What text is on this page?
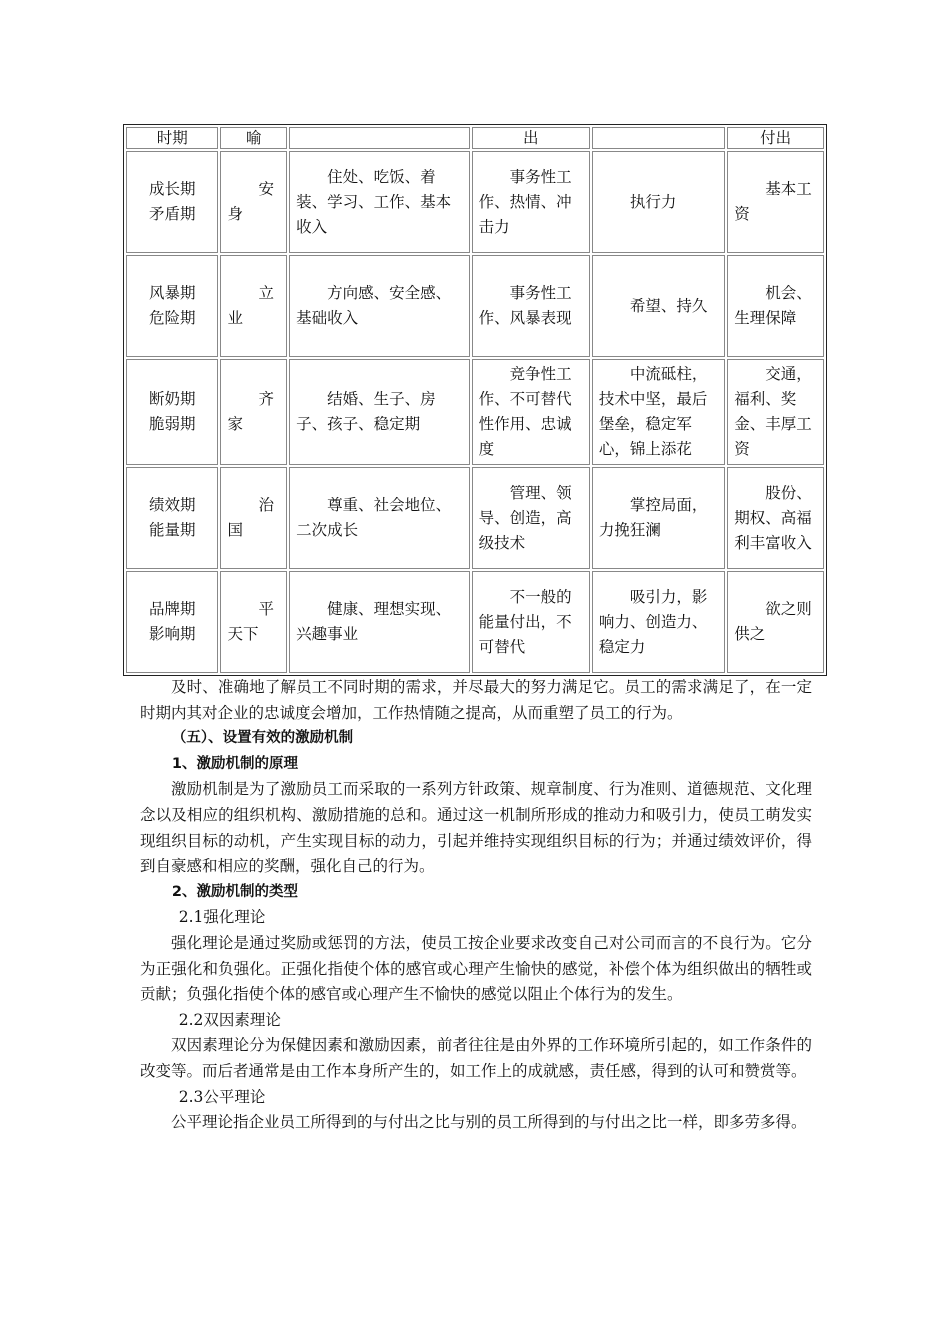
时期	喻		出		付出

成长期
矛盾期	安身	住处、吃饭、着装、学习、工作、基本收入	事务性工作、热情、冲击力	执行力	基本工资

风暴期
危险期	立业	方向感、安全感、基础收入	事务性工作、风暴表现	希望、持久	机会、生理保障

断奶期
脆弱期	齐家	结婚、生子、房子、孩子、稳定期	竞争性工作、不可替代性作用、忠诚度	中流砥柱，技术中坚，最后堡垒，稳定军心，锦上添花	交通，福利、奖金、丰厚工资

绩效期
能量期	治国	尊重、社会地位、二次成长	管理、领导、创造，高级技术	掌控局面，力挽狂澜	股份、期权、高福利丰富收入

品牌期
影响期	平天下	健康、理想实现、兴趣事业	不一般的能量付出，不可替代	吸引力，影响力、创造力、稳定力	欲之则供之

及时、准确地了解员工不同时期的需求，并尽最大的努力满足它。员工的需求满足了，在一定时期内其对企业的忠诚度会增加，工作热情随之提高，从而重塑了员工的行为。

（五）、设置有效的激励机制

1、激励机制的原理

激励机制是为了激励员工而采取的一系列方针政策、规章制度、行为准则、道德规范、文化理念以及相应的组织机构、激励措施的总和。通过这一机制所形成的推动力和吸引力，使员工萌发实现组织目标的动机，产生实现目标的动力，引起并维持实现组织目标的行为；并通过绩效评价，得到自豪感和相应的奖酬，强化自己的行为。

2、激励机制的类型

2.1强化理论

强化理论是通过奖励或惩罚的方法，使员工按企业要求改变自己对公司而言的不良行为。它分为正强化和负强化。正强化指使个体的感官或心理产生愉快的感觉，补偿个体为组织做出的牺牲或贡献；负强化指使个体的感官或心理产生不愉快的感觉以阻止个体行为的发生。

2.2双因素理论

双因素理论分为保健因素和激励因素，前者往往是由外界的工作环境所引起的，如工作条件的改变等。而后者通常是由工作本身所产生的，如工作上的成就感，责任感，得到的认可和赞赏等。

2.3公平理论

公平理论指企业员工所得到的与付出之比与别的员工所得到的与付出之比一样，即多劳多得。
